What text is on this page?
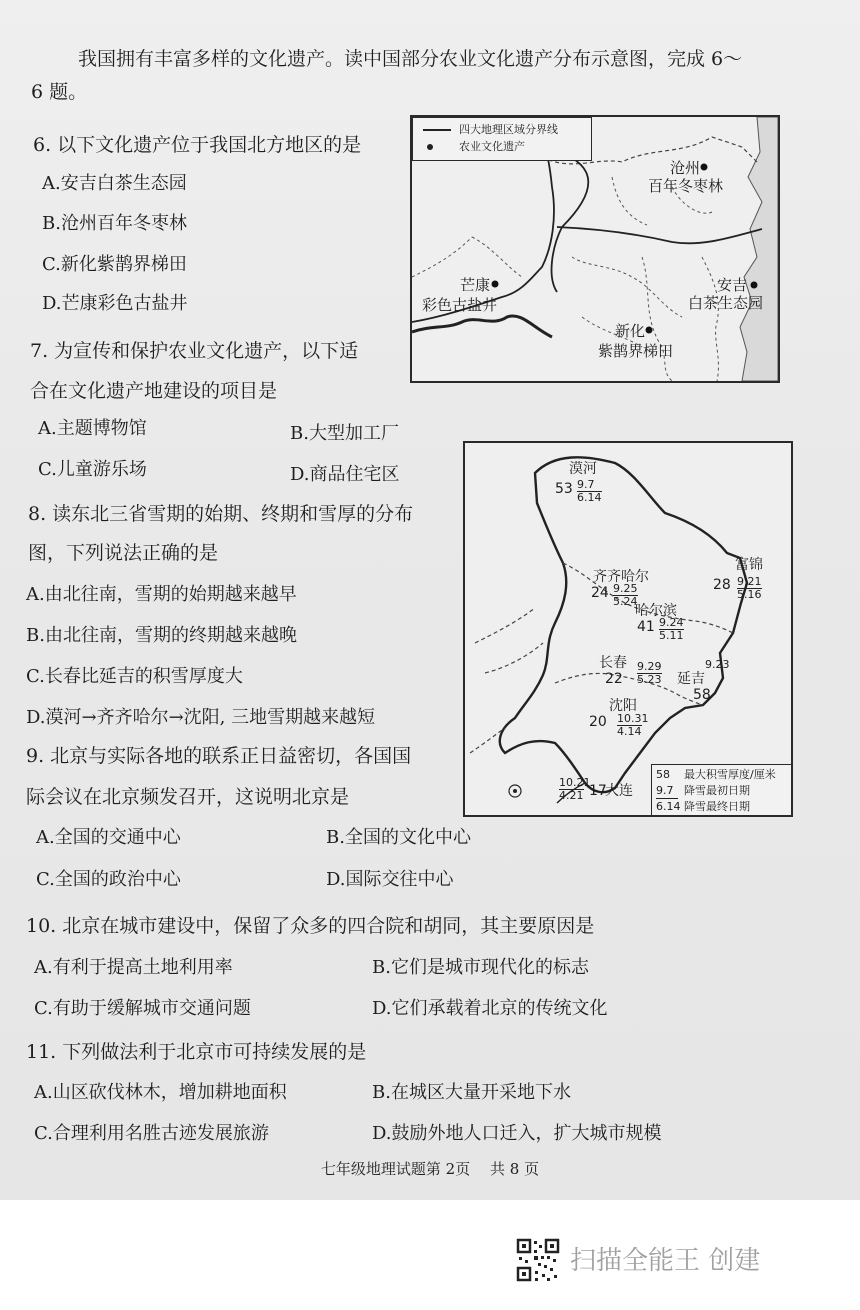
我国拥有丰富多样的文化遗产。读中国部分农业文化遗产分布示意图，完成 6～
6 题。
6. 以下文化遗产位于我国北方地区的是
A.安吉白茶生态园
B.沧州百年冬枣林
C.新化紫鹊界梯田
D.芒康彩色古盐井
7. 为宣传和保护农业文化遗产，以下适
合在文化遗产地建设的项目是
A.主题博物馆	B.大型加工厂
C.儿童游乐场	D.商品住宅区
8. 读东北三省雪期的始期、终期和雪厚的分布
图，下列说法正确的是
A.由北往南，雪期的始期越来越早
B.由北往南，雪期的终期越来越晚
C.长春比延吉的积雪厚度大
D.漠河→齐齐哈尔→沈阳, 三地雪期越来越短
9. 北京与实际各地的联系正日益密切，各国国
际会议在北京频发召开，这说明北京是
A.全国的交通中心	B.全国的文化中心
C.全国的政治中心	D.国际交往中心
10. 北京在城市建设中，保留了众多的四合院和胡同，其主要原因是
A.有利于提高土地利用率	B.它们是城市现代化的标志
C.有助于缓解城市交通问题	D.它们承载着北京的传统文化
11. 下列做法利于北京市可持续发展的是
A.山区砍伐林木，增加耕地面积	B.在城区大量开采地下水
C.合理利用名胜古迹发展旅游	D.鼓励外地人口迁入，扩大城市规模
四大地理区域分界线
农业文化遗产
沧州
百年冬枣林
芒康
彩色古盐井
安吉
白茶生态园
新化
紫鹊界梯田
漠河
53 9.7
6.14
齐齐哈尔
24 9.25
5.24
哈尔滨
41 9.24
5.11
富锦
28 9.21
5.16
长春
22
9.29
5.23 延吉
58
9.23
沈阳
20 10.31
4.14
10.21
4.21 17
大连
58 最大积雪厚度/厘米
9.7 降雪最初日期
6.14 降雪最终日期
七年级地理试题第 2页　 共 8 页
扫描全能王 创建
